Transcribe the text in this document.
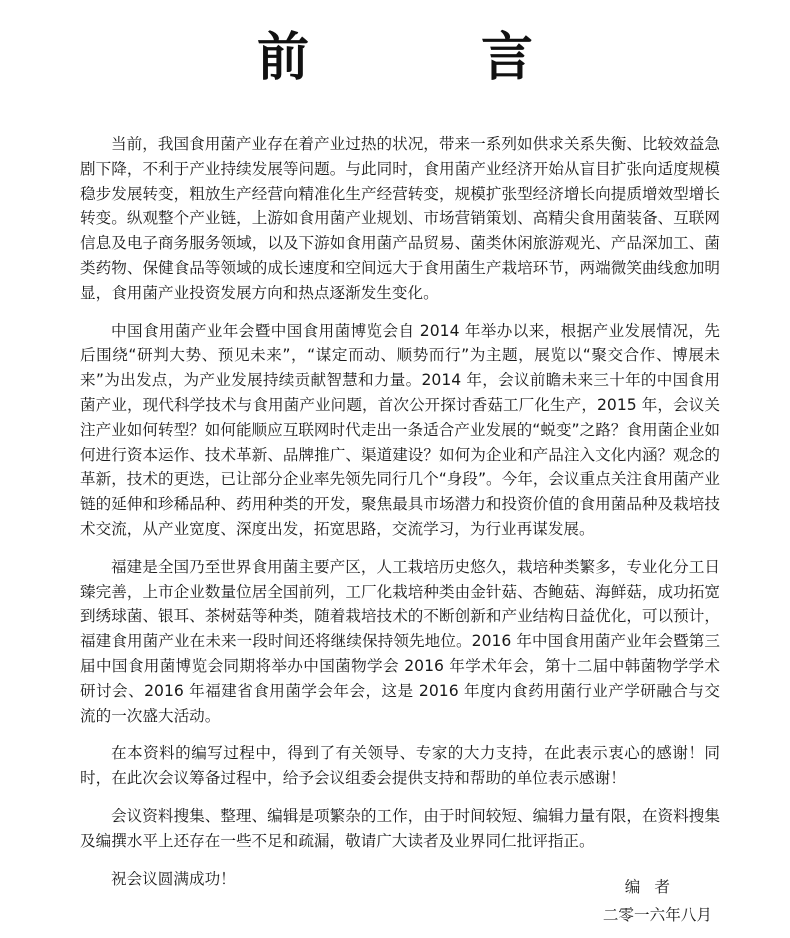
前　言

当前，我国食用菌产业存在着产业过热的状况，带来一系列如供求关系失衡、比较效益急剧下降，不利于产业持续发展等问题。与此同时，食用菌产业经济开始从盲目扩张向适度规模稳步发展转变，粗放生产经营向精准化生产经营转变，规模扩张型经济增长向提质增效型增长转变。纵观整个产业链，上游如食用菌产业规划、市场营销策划、高精尖食用菌装备、互联网信息及电子商务服务领域，以及下游如食用菌产品贸易、菌类休闲旅游观光、产品深加工、菌类药物、保健食品等领域的成长速度和空间远大于食用菌生产栽培环节，两端微笑曲线愈加明显，食用菌产业投资发展方向和热点逐渐发生变化。

中国食用菌产业年会暨中国食用菌博览会自 2014 年举办以来，根据产业发展情况，先后围绕“研判大势、预见未来”，“谋定而动、顺势而行”为主题，展览以“聚交合作、博展未来”为出发点，为产业发展持续贡献智慧和力量。2014 年，会议前瞻未来三十年的中国食用菌产业，现代科学技术与食用菌产业问题，首次公开探讨香菇工厂化生产，2015 年，会议关注产业如何转型？如何能顺应互联网时代走出一条适合产业发展的“蜕变”之路？食用菌企业如何进行资本运作、技术革新、品牌推广、渠道建设？如何为企业和产品注入文化内涵？观念的革新，技术的更迭，已让部分企业率先领先同行几个“身段”。今年，会议重点关注食用菌产业链的延伸和珍稀品种、药用种类的开发，聚焦最具市场潜力和投资价值的食用菌品种及栽培技术交流，从产业宽度、深度出发，拓宽思路，交流学习，为行业再谋发展。

福建是全国乃至世界食用菌主要产区，人工栽培历史悠久，栽培种类繁多，专业化分工日臻完善，上市企业数量位居全国前列，工厂化栽培种类由金针菇、杏鲍菇、海鲜菇，成功拓宽到绣球菌、银耳、茶树菇等种类，随着栽培技术的不断创新和产业结构日益优化，可以预计，福建食用菌产业在未来一段时间还将继续保持领先地位。2016 年中国食用菌产业年会暨第三届中国食用菌博览会同期将举办中国菌物学会 2016 年学术年会，第十二届中韩菌物学学术研讨会、2016 年福建省食用菌学会年会，这是 2016 年度内食药用菌行业产学研融合与交流的一次盛大活动。

在本资料的编写过程中，得到了有关领导、专家的大力支持，在此表示衷心的感谢！同时，在此次会议筹备过程中，给予会议组委会提供支持和帮助的单位表示感谢！

会议资料搜集、整理、编辑是项繁杂的工作，由于时间较短、编辑力量有限，在资料搜集及编撰水平上还存在一些不足和疏漏，敬请广大读者及业界同仁批评指正。

祝会议圆满成功！	编者
二零一六年八月
